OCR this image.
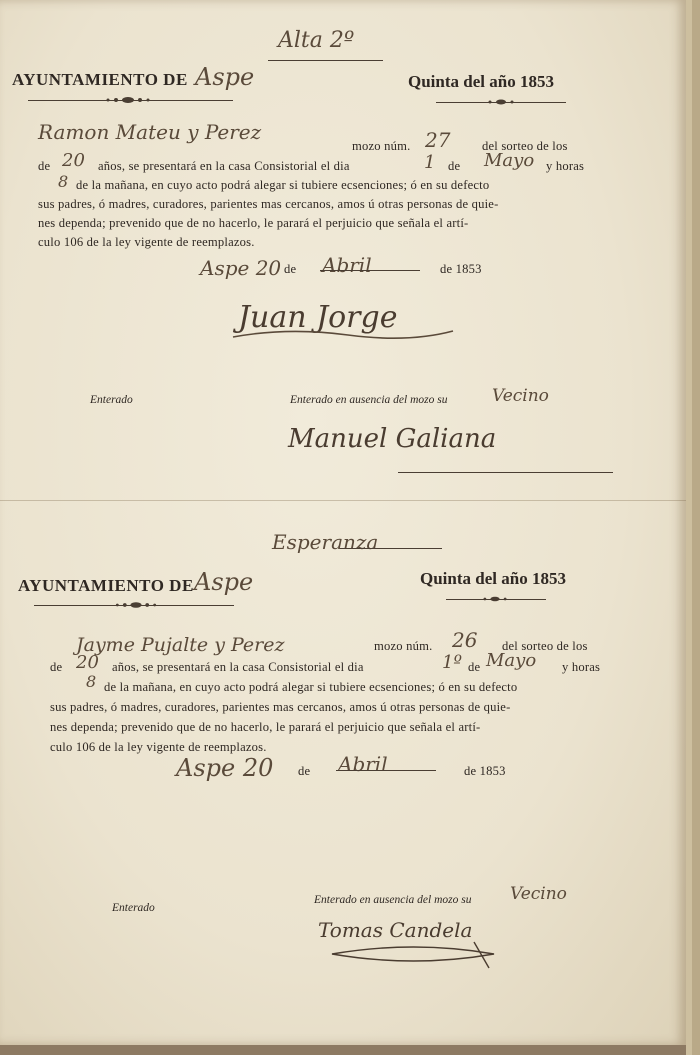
Alta 2º
AYUNTAMIENTO DE Aspe	Quinta del año 1853
Ramon Mateu y Perez
mozo núm. 27	del sorteo de los
de 20 años, se presentará en la casa Consistorial el dia	1 de Mayo y horas
8 de la mañana, en cuyo acto podrá alegar si tubiere ecsenciones; ó en su defecto
sus padres, ó madres, curadores, parientes mas cercanos, amos ú otras personas de quie-
nes dependa; prevenido que de no hacerlo, le parará el perjuicio que señala el artí-
culo 106 de la ley vigente de reemplazos.
Aspe 20 de Abril	de 1853
Juan Jorge
Enterado	Enterado en ausencia del mozo su	Vecino
Manuel Galiana
Esperanza
AYUNTAMIENTO DE Aspe	Quinta del año 1853
Jayme Pujalte y Perez	mozo núm. 26 del sorteo de los
de 20 años, se presentará en la casa Consistorial el dia	1º de Mayo y horas
8 de la mañana, en cuyo acto podrá alegar si tubiere ecsenciones; ó en su defecto
sus padres, ó madres, curadores, parientes mas cercanos, amos ú otras personas de quie-
nes dependa; prevenido que de no hacerlo, le parará el perjuicio que señala el artí-
culo 106 de la ley vigente de reemplazos.
Aspe 20 de Abril	de 1853
Enterado
Enterado en ausencia del mozo su Vecino
Tomas Candela
